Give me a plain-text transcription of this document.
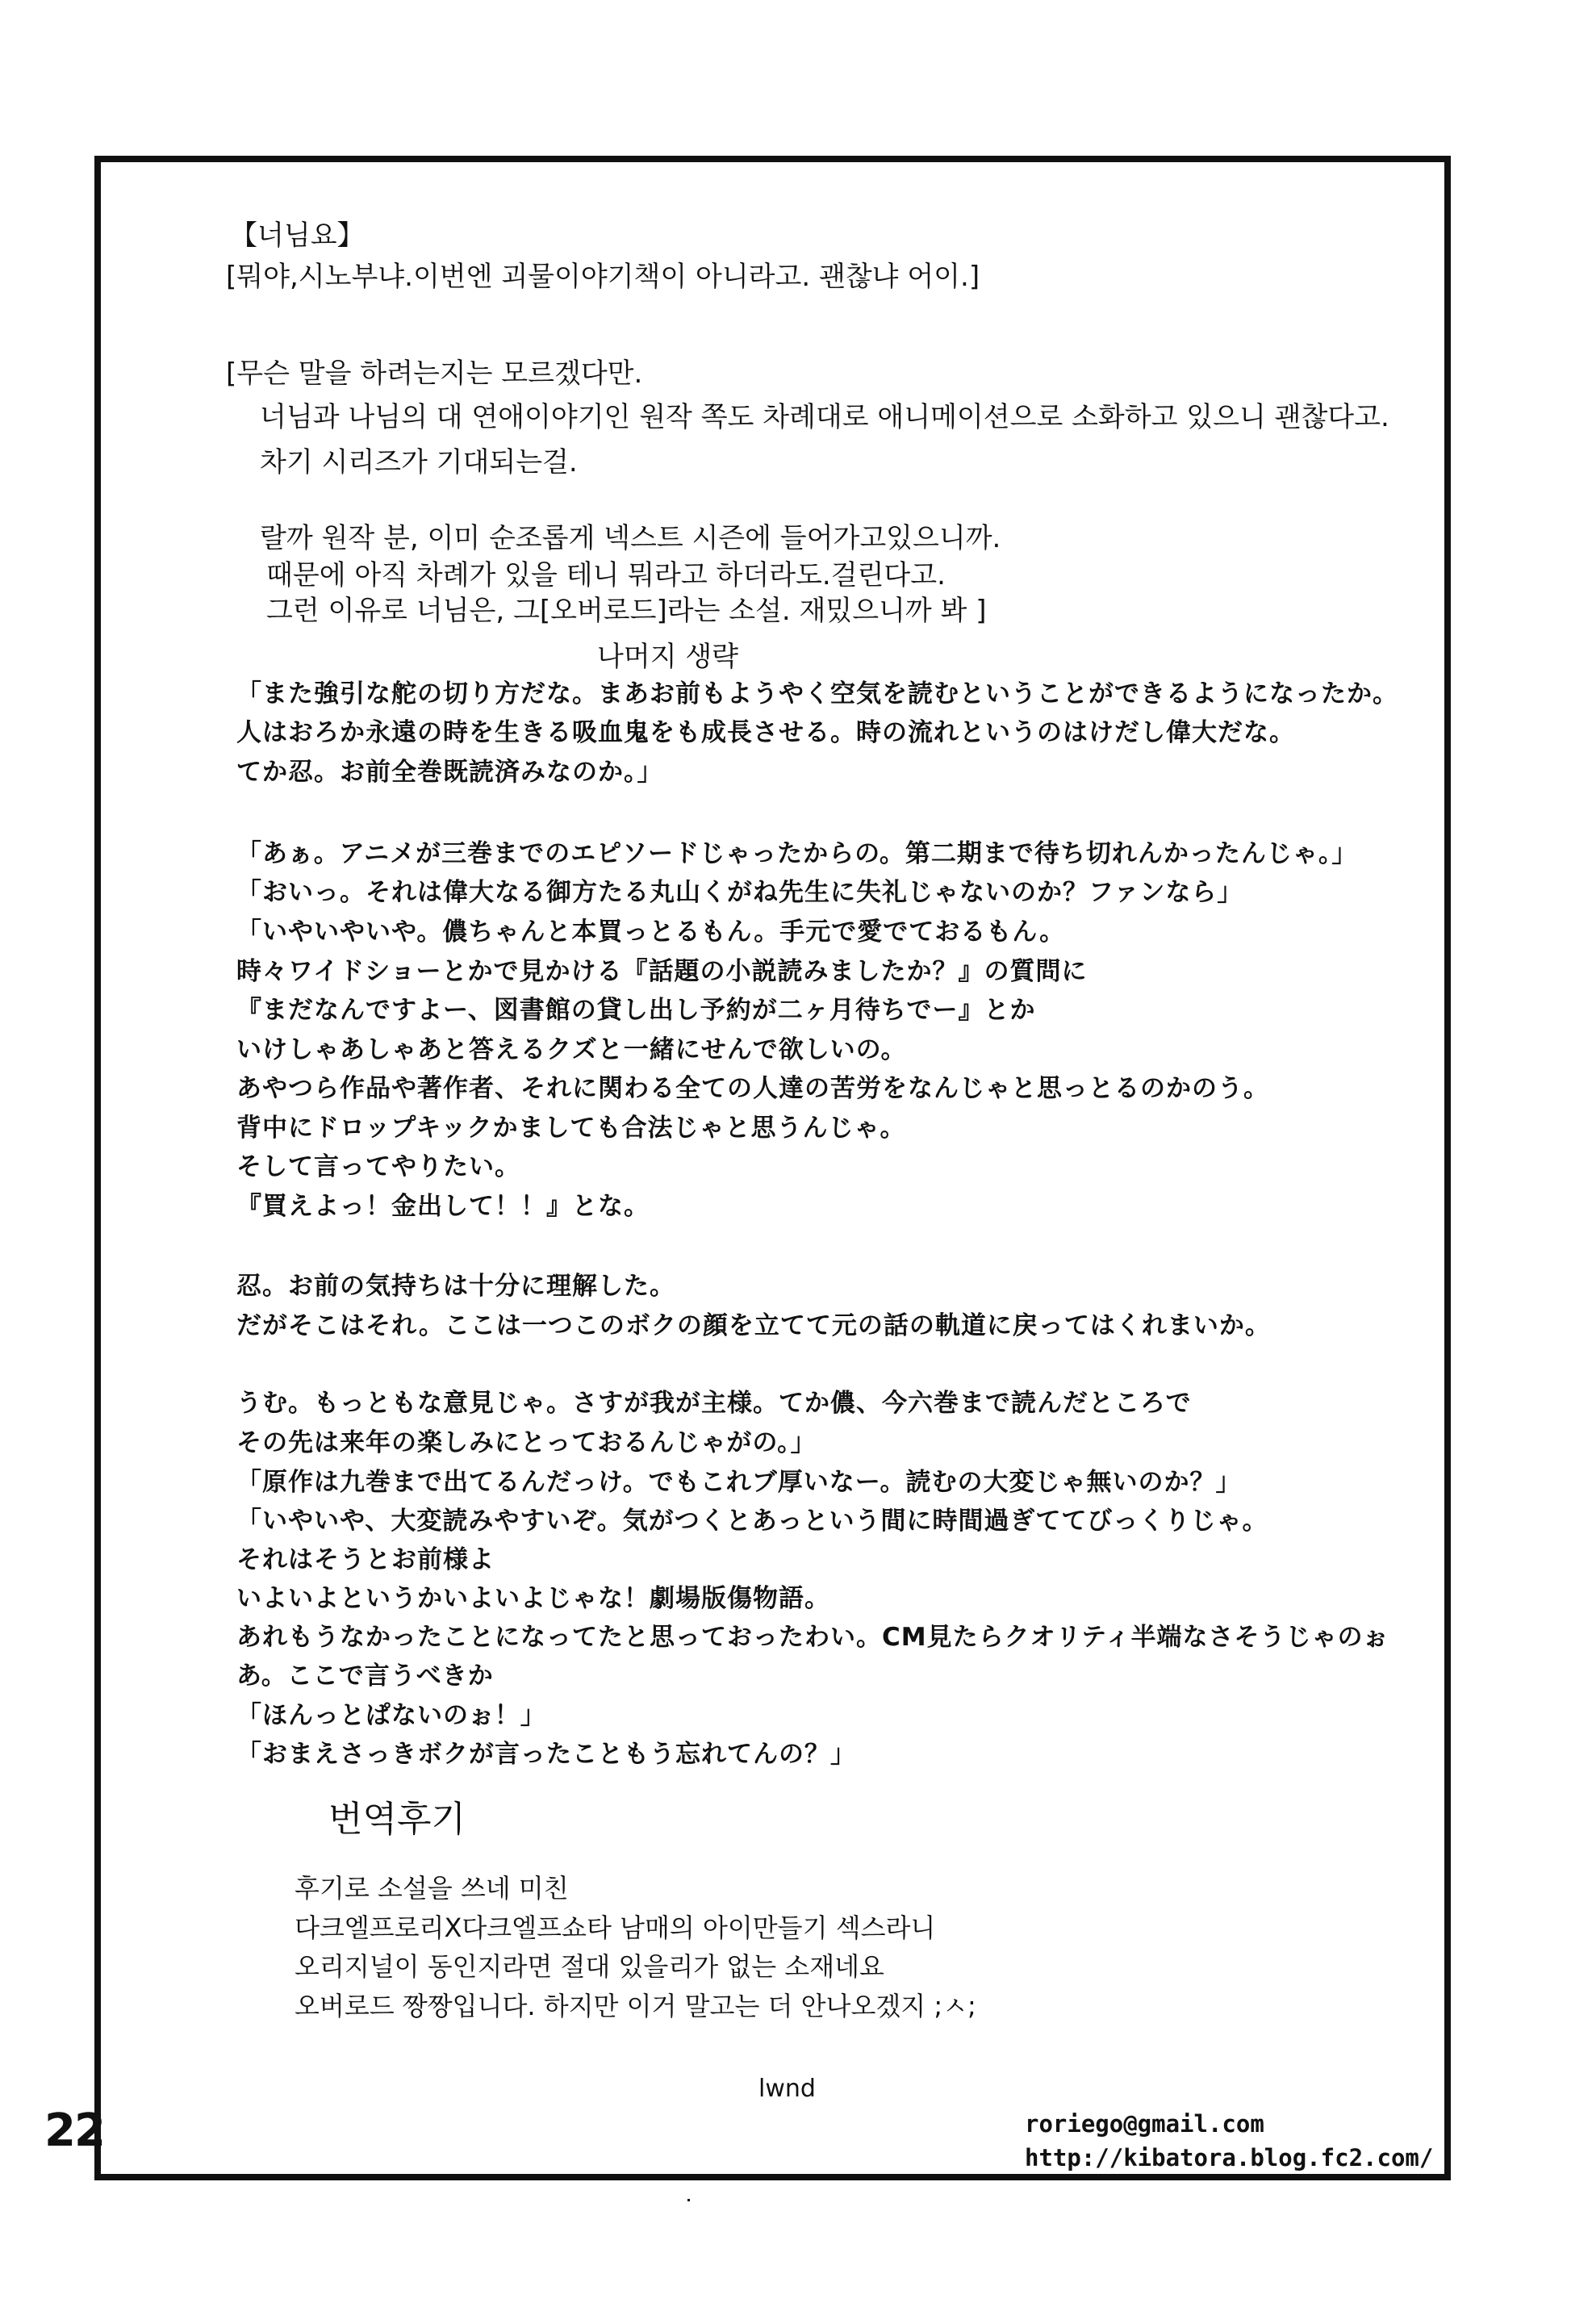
【너님요】
[뭐야,시노부냐.이번엔 괴물이야기책이 아니라고. 괜찮냐 어이.]
[무슨 말을 하려는지는 모르겠다만.
너님과 나님의 대 연애이야기인 원작 쪽도 차례대로 애니메이션으로 소화하고 있으니 괜찮다고.
차기 시리즈가 기대되는걸.
랄까 원작 분, 이미 순조롭게 넥스트 시즌에 들어가고있으니까.
때문에 아직 차례가 있을 테니 뭐라고 하더라도.걸린다고.
그런 이유로 너님은, 그[오버로드]라는 소설. 재밌으니까 봐 ]
나머지 생략
「また強引な舵の切り方だな。まあお前もようやく空気を読むということができるようになったか。
人はおろか永遠の時を生きる吸血鬼をも成長させる。時の流れというのはけだし偉大だな。
てか忍。お前全巻既読済みなのか。」
「あぁ。アニメが三巻までのエピソードじゃったからの。第二期まで待ち切れんかったんじゃ。」
「おいっ。それは偉大なる御方たる丸山くがね先生に失礼じゃないのか？ファンなら」
「いやいやいや。儂ちゃんと本買っとるもん。手元で愛でておるもん。
時々ワイドショーとかで見かける『話題の小説読みましたか？』の質問に
『まだなんですよー、図書館の貸し出し予約が二ヶ月待ちでー』とか
いけしゃあしゃあと答えるクズと一緒にせんで欲しいの。
あやつら作品や著作者、それに関わる全ての人達の苦労をなんじゃと思っとるのかのう。
背中にドロップキックかましても合法じゃと思うんじゃ。
そして言ってやりたい。
『買えよっ！金出して！！』とな。
忍。お前の気持ちは十分に理解した。
だがそこはそれ。ここは一つこのボクの顔を立てて元の話の軌道に戻ってはくれまいか。
うむ。もっともな意見じゃ。さすが我が主様。てか儂、今六巻まで読んだところで
その先は来年の楽しみにとっておるんじゃがの。」
「原作は九巻まで出てるんだっけ。でもこれブ厚いなー。読むの大変じゃ無いのか？」
「いやいや、大変読みやすいぞ。気がつくとあっという間に時間過ぎててびっくりじゃ。
それはそうとお前様よ
いよいよというかいよいよじゃな！劇場版傷物語。
あれもうなかったことになってたと思っておったわい。CM見たらクオリティ半端なさそうじゃのぉ
あ。ここで言うべきか
「ほんっとぱないのぉ！」
「おまえさっきボクが言ったこともう忘れてんの？」
번역후기
후기로 소설을 쓰네 미친
다크엘프로리X다크엘프쇼타 남매의 아이만들기 섹스라니
오리지널이 동인지라면 절대 있을리가 없는 소재네요
오버로드 짱짱입니다. 하지만 이거 말고는 더 안나오겠지 ;ㅅ;
lwnd
roriego@gmail.com
http://kibatora.blog.fc2.com/
22
